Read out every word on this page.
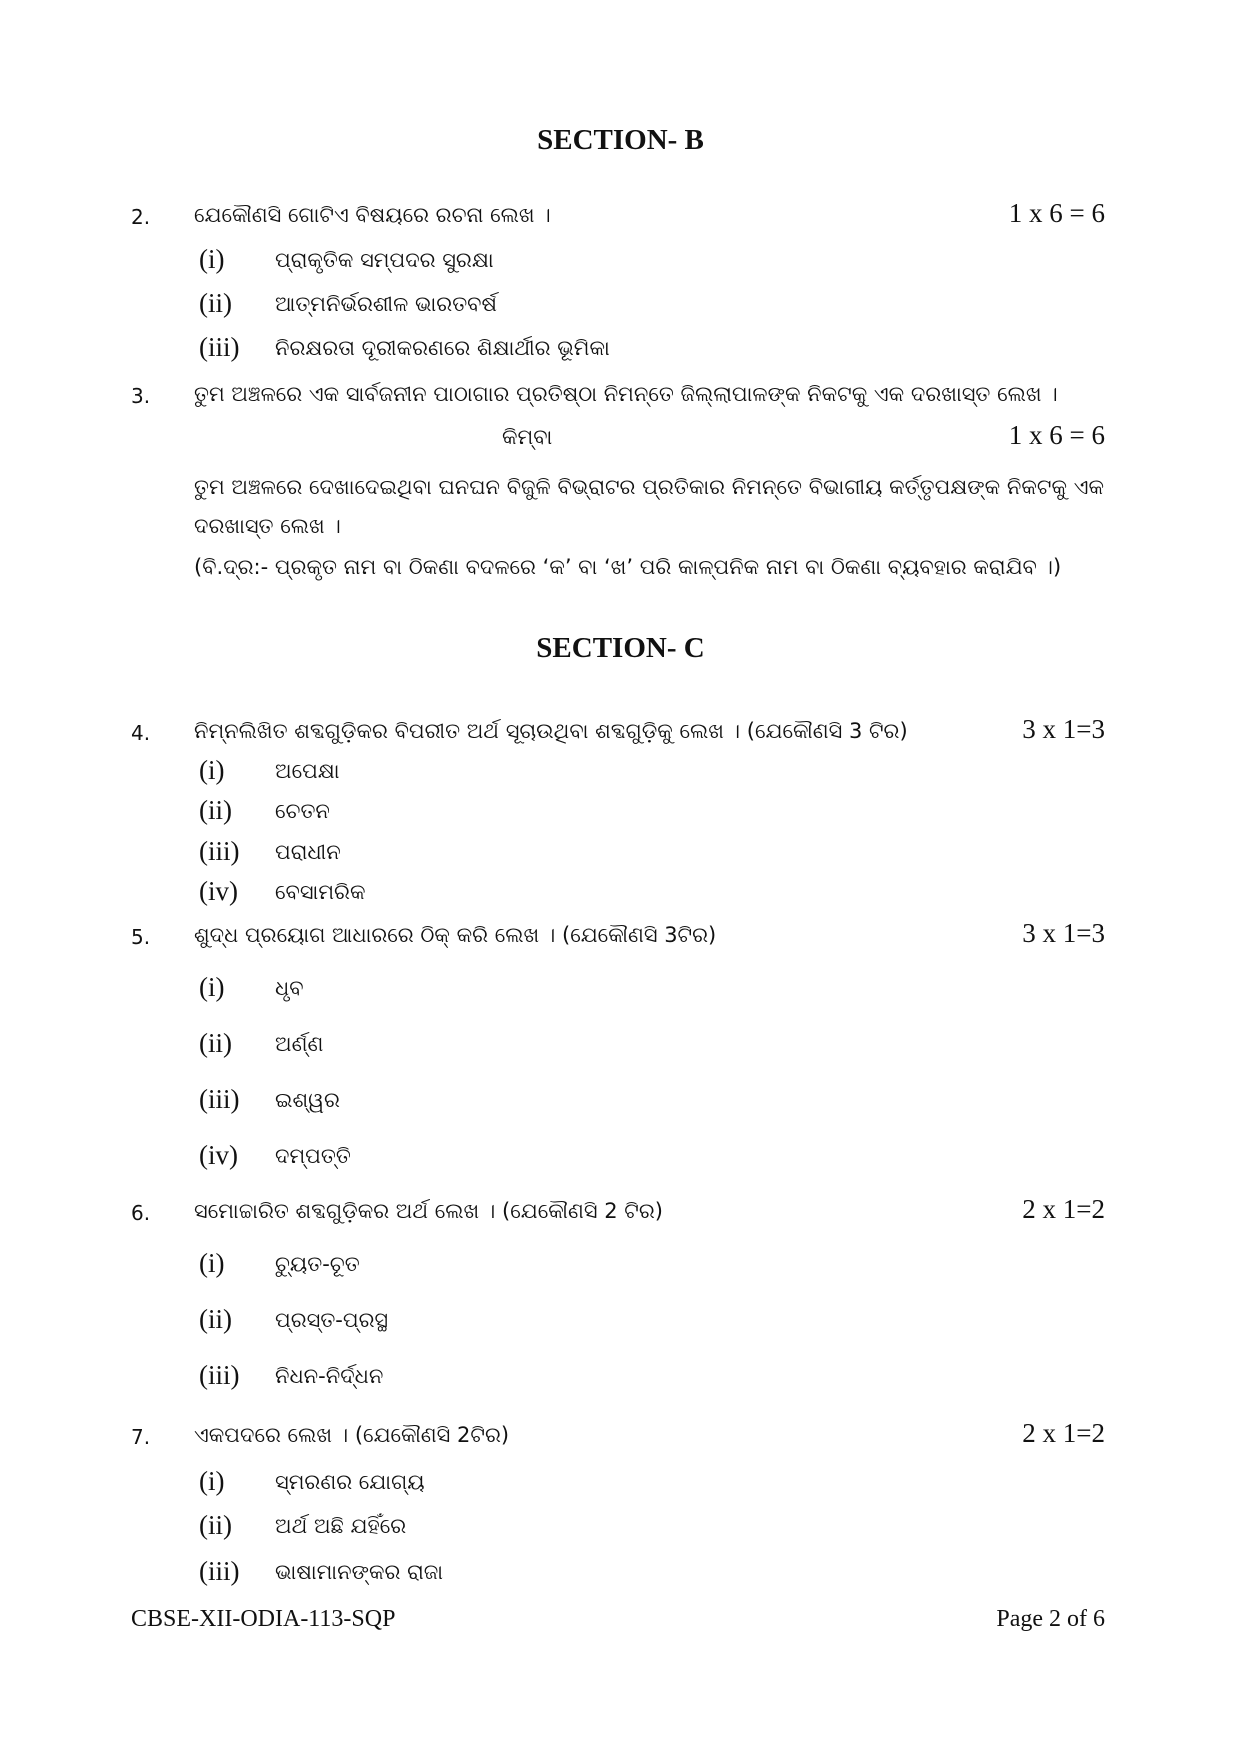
SECTION- B
2. ଯେକୌଣସି ଗୋଟିଏ ବିଷୟରେ ରଚନା ଲେଖ ।	1 x 6 = 6
(i) ପ୍ରାକୃତିକ ସମ୍ପଦର ସୁରକ୍ଷା
(ii) ଆତ୍ମନିର୍ଭରଶୀଳ ଭାରତବର୍ଷ
(iii) ନିରକ୍ଷରତା ଦୂରୀକରଣରେ ଶିକ୍ଷାର୍ଥୀର ଭୂମିକା
3. ତୁମ ଅଞ୍ଚଳରେ ଏକ ସାର୍ବଜନୀନ ପାଠାଗାର ପ୍ରତିଷ୍ଠା ନିମନ୍ତେ ଜିଲ୍ଲାପାଳଙ୍କ ନିକଟକୁ ଏକ ଦରଖାସ୍ତ ଲେଖ ।
କିମ୍ବା	1 x 6 = 6
ତୁମ ଅଞ୍ଚଳରେ ଦେଖାଦେଇଥିବା ଘନଘନ ବିଜୁଳି ବିଭ୍ରାଟର ପ୍ରତିକାର ନିମନ୍ତେ ବିଭାଗୀୟ କର୍ତ୍ତୃପକ୍ଷଙ୍କ ନିକଟକୁ ଏକ ଦରଖାସ୍ତ ଲେଖ ।
(ବି.ଦ୍ର:- ପ୍ରକୃତ ନାମ ବା ଠିକଣା ବଦଳରେ ‘କ’ ବା ‘ଖ’ ପରି କାଳ୍ପନିକ ନାମ ବା ଠିକଣା ବ୍ୟବହାର କରାଯିବ ।)
SECTION- C
4. ନିମ୍ନଲିଖିତ ଶବ୍ଦଗୁଡ଼ିକର ବିପରୀତ ଅର୍ଥ ସୂଚାଉଥିବା ଶବ୍ଦଗୁଡ଼ିକୁ ଲେଖ । (ଯେକୌଣସି 3 ଟିର)	3 x 1=3
(i) ଅପେକ୍ଷା
(ii) ଚେତନ
(iii) ପରାଧୀନ
(iv) ବେସାମରିକ
5. ଶୁଦ୍ଧ ପ୍ରୟୋଗ ଆଧାରରେ ଠିକ୍ କରି ଲେଖ । (ଯେକୌଣସି 3ଟିର)	3 x 1=3
(i) ଧୃବ
(ii) ଅର୍ଣ୍ଣ
(iii) ଇଶ୍ୱର
(iv) ଦମ୍ପତ୍ତି
6. ସମୋଚ୍ଚାରିତ ଶବ୍ଦଗୁଡ଼ିକର ଅର୍ଥ ଲେଖ । (ଯେକୌଣସି 2 ଟିର)	2 x 1=2
(i) ଚ୍ୟୁତ-ଚୂତ
(ii) ପ୍ରସ୍ତ-ପ୍ରସ୍ଥ
(iii) ନିଧନ-ନିର୍ଦ୍ଧନ
7. ଏକପଦରେ ଲେଖ । (ଯେକୌଣସି 2ଟିର)	2 x 1=2
(i) ସ୍ମରଣର ଯୋଗ୍ୟ
(ii) ଅର୍ଥ ଅଛି ଯହିଁରେ
(iii) ଭାଷାମାନଙ୍କର ରାଜା
CBSE-XII-ODIA-113-SQP	Page 2 of 6
